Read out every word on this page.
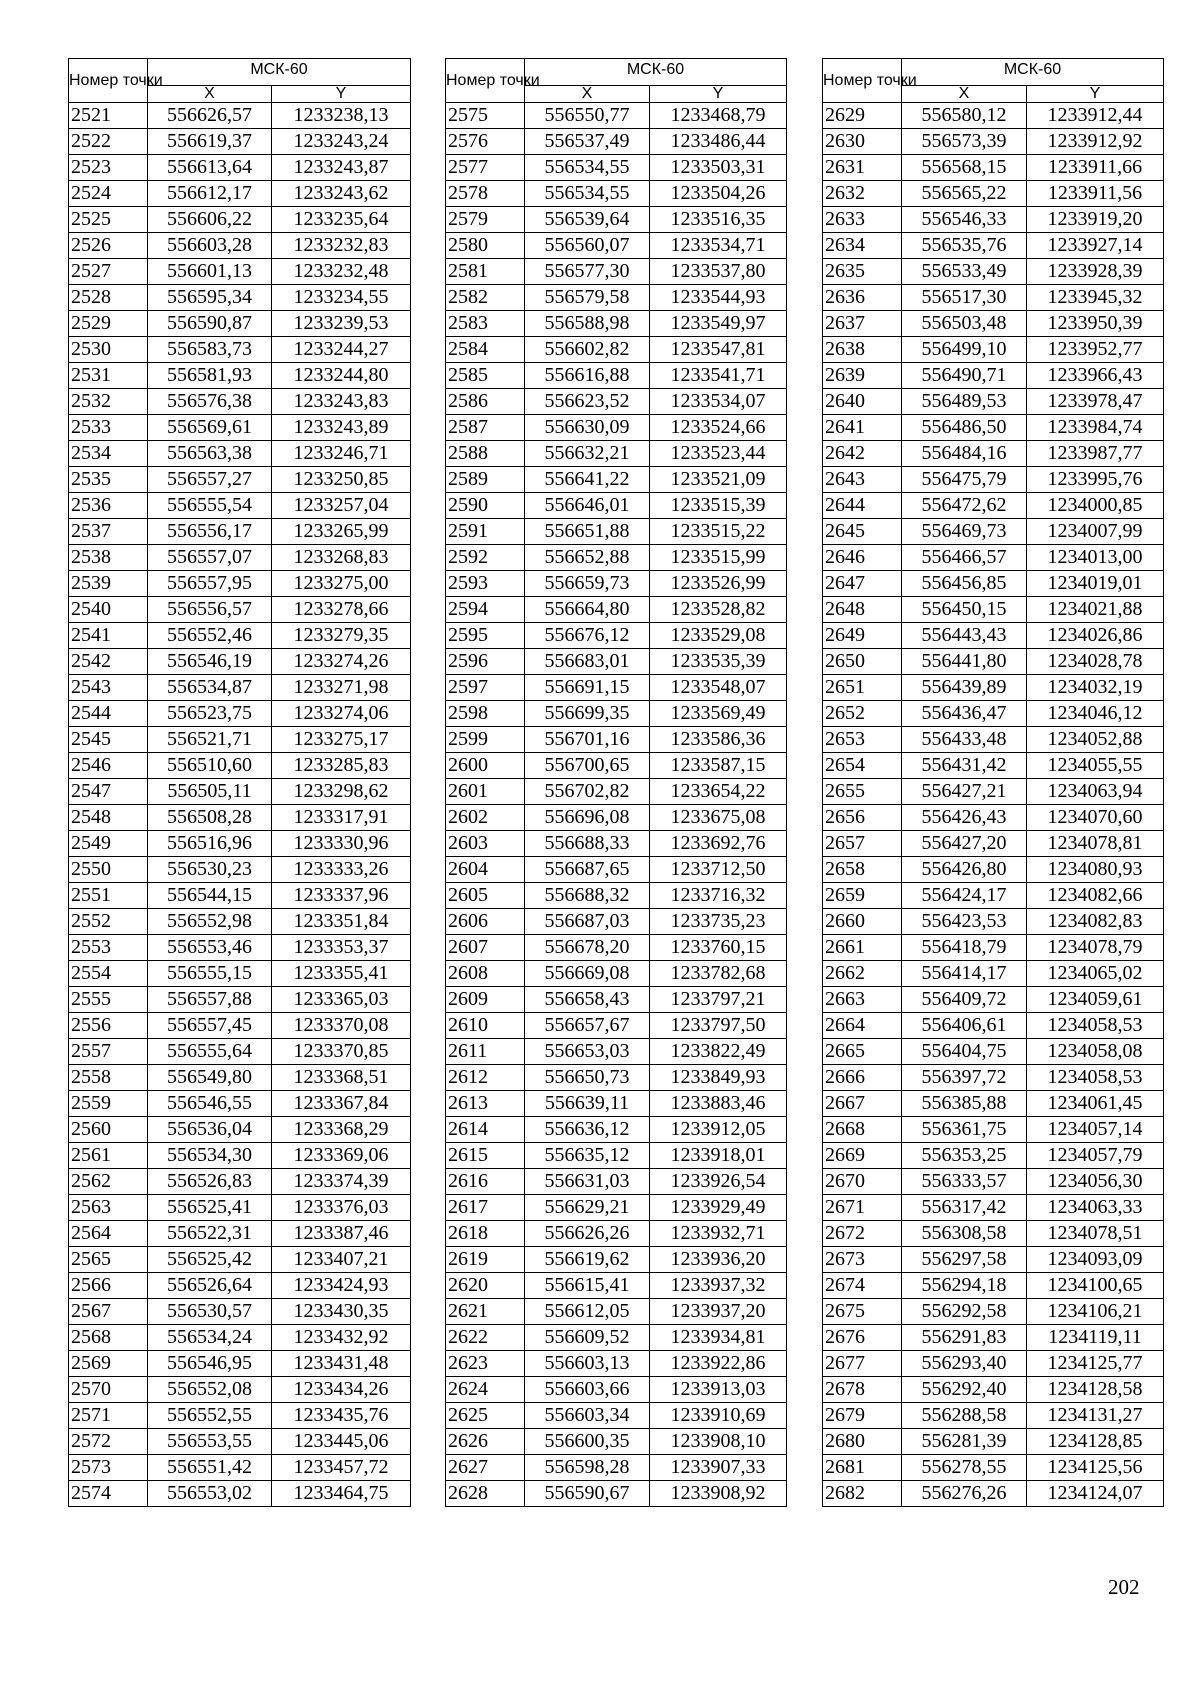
Номер точки	МСК-60	
	X	Y
2521	556626,57	1233238,13
2522	556619,37	1233243,24
2523	556613,64	1233243,87
2524	556612,17	1233243,62
2525	556606,22	1233235,64
2526	556603,28	1233232,83
2527	556601,13	1233232,48
2528	556595,34	1233234,55
2529	556590,87	1233239,53
2530	556583,73	1233244,27
2531	556581,93	1233244,80
2532	556576,38	1233243,83
2533	556569,61	1233243,89
2534	556563,38	1233246,71
2535	556557,27	1233250,85
2536	556555,54	1233257,04
2537	556556,17	1233265,99
2538	556557,07	1233268,83
2539	556557,95	1233275,00
2540	556556,57	1233278,66
2541	556552,46	1233279,35
2542	556546,19	1233274,26
2543	556534,87	1233271,98
2544	556523,75	1233274,06
2545	556521,71	1233275,17
2546	556510,60	1233285,83
2547	556505,11	1233298,62
2548	556508,28	1233317,91
2549	556516,96	1233330,96
2550	556530,23	1233333,26
2551	556544,15	1233337,96
2552	556552,98	1233351,84
2553	556553,46	1233353,37
2554	556555,15	1233355,41
2555	556557,88	1233365,03
2556	556557,45	1233370,08
2557	556555,64	1233370,85
2558	556549,80	1233368,51
2559	556546,55	1233367,84
2560	556536,04	1233368,29
2561	556534,30	1233369,06
2562	556526,83	1233374,39
2563	556525,41	1233376,03
2564	556522,31	1233387,46
2565	556525,42	1233407,21
2566	556526,64	1233424,93
2567	556530,57	1233430,35
2568	556534,24	1233432,92
2569	556546,95	1233431,48
2570	556552,08	1233434,26
2571	556552,55	1233435,76
2572	556553,55	1233445,06
2573	556551,42	1233457,72
2574	556553,02	1233464,75
Номер точки	МСК-60	
	X	Y
2575	556550,77	1233468,79
2576	556537,49	1233486,44
2577	556534,55	1233503,31
2578	556534,55	1233504,26
2579	556539,64	1233516,35
2580	556560,07	1233534,71
2581	556577,30	1233537,80
2582	556579,58	1233544,93
2583	556588,98	1233549,97
2584	556602,82	1233547,81
2585	556616,88	1233541,71
2586	556623,52	1233534,07
2587	556630,09	1233524,66
2588	556632,21	1233523,44
2589	556641,22	1233521,09
2590	556646,01	1233515,39
2591	556651,88	1233515,22
2592	556652,88	1233515,99
2593	556659,73	1233526,99
2594	556664,80	1233528,82
2595	556676,12	1233529,08
2596	556683,01	1233535,39
2597	556691,15	1233548,07
2598	556699,35	1233569,49
2599	556701,16	1233586,36
2600	556700,65	1233587,15
2601	556702,82	1233654,22
2602	556696,08	1233675,08
2603	556688,33	1233692,76
2604	556687,65	1233712,50
2605	556688,32	1233716,32
2606	556687,03	1233735,23
2607	556678,20	1233760,15
2608	556669,08	1233782,68
2609	556658,43	1233797,21
2610	556657,67	1233797,50
2611	556653,03	1233822,49
2612	556650,73	1233849,93
2613	556639,11	1233883,46
2614	556636,12	1233912,05
2615	556635,12	1233918,01
2616	556631,03	1233926,54
2617	556629,21	1233929,49
2618	556626,26	1233932,71
2619	556619,62	1233936,20
2620	556615,41	1233937,32
2621	556612,05	1233937,20
2622	556609,52	1233934,81
2623	556603,13	1233922,86
2624	556603,66	1233913,03
2625	556603,34	1233910,69
2626	556600,35	1233908,10
2627	556598,28	1233907,33
2628	556590,67	1233908,92
Номер точки	МСК-60	
	X	Y
2629	556580,12	1233912,44
2630	556573,39	1233912,92
2631	556568,15	1233911,66
2632	556565,22	1233911,56
2633	556546,33	1233919,20
2634	556535,76	1233927,14
2635	556533,49	1233928,39
2636	556517,30	1233945,32
2637	556503,48	1233950,39
2638	556499,10	1233952,77
2639	556490,71	1233966,43
2640	556489,53	1233978,47
2641	556486,50	1233984,74
2642	556484,16	1233987,77
2643	556475,79	1233995,76
2644	556472,62	1234000,85
2645	556469,73	1234007,99
2646	556466,57	1234013,00
2647	556456,85	1234019,01
2648	556450,15	1234021,88
2649	556443,43	1234026,86
2650	556441,80	1234028,78
2651	556439,89	1234032,19
2652	556436,47	1234046,12
2653	556433,48	1234052,88
2654	556431,42	1234055,55
2655	556427,21	1234063,94
2656	556426,43	1234070,60
2657	556427,20	1234078,81
2658	556426,80	1234080,93
2659	556424,17	1234082,66
2660	556423,53	1234082,83
2661	556418,79	1234078,79
2662	556414,17	1234065,02
2663	556409,72	1234059,61
2664	556406,61	1234058,53
2665	556404,75	1234058,08
2666	556397,72	1234058,53
2667	556385,88	1234061,45
2668	556361,75	1234057,14
2669	556353,25	1234057,79
2670	556333,57	1234056,30
2671	556317,42	1234063,33
2672	556308,58	1234078,51
2673	556297,58	1234093,09
2674	556294,18	1234100,65
2675	556292,58	1234106,21
2676	556291,83	1234119,11
2677	556293,40	1234125,77
2678	556292,40	1234128,58
2679	556288,58	1234131,27
2680	556281,39	1234128,85
2681	556278,55	1234125,56
2682	556276,26	1234124,07
202
